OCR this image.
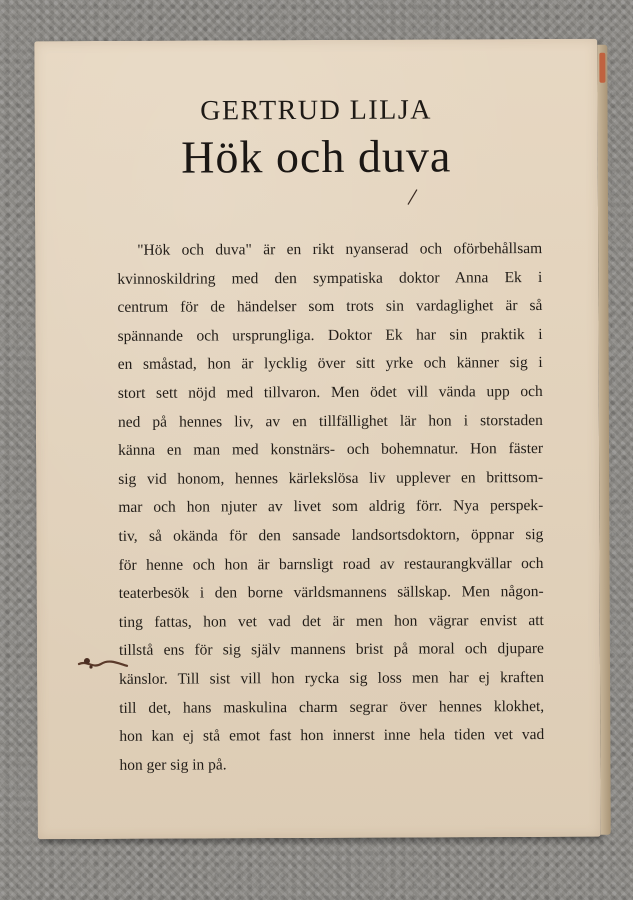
GERTRUD LILJA
Hök och duva
"Hök och duva" är en rikt nyanserad och oförbehållsam
kvinnoskildring med den sympatiska doktor Anna Ek i
centrum för de händelser som trots sin vardaglighet är så
spännande och ursprungliga. Doktor Ek har sin praktik i
en småstad, hon är lycklig över sitt yrke och känner sig i
stort sett nöjd med tillvaron. Men ödet vill vända upp och
ned på hennes liv, av en tillfällighet lär hon i storstaden
känna en man med konstnärs- och bohemnatur. Hon fäster
sig vid honom, hennes kärlekslösa liv upplever en brittsom-
mar och hon njuter av livet som aldrig förr. Nya perspek-
tiv, så okända för den sansade landsortsdoktorn, öppnar sig
för henne och hon är barnsligt road av restaurangkvällar och
teaterbesök i den borne världsmannens sällskap. Men någon-
ting fattas, hon vet vad det är men hon vägrar envist att
tillstå ens för sig själv mannens brist på moral och djupare
känslor. Till sist vill hon rycka sig loss men har ej kraften
till det, hans maskulina charm segrar över hennes klokhet,
hon kan ej stå emot fast hon innerst inne hela tiden vet vad
hon ger sig in på.
